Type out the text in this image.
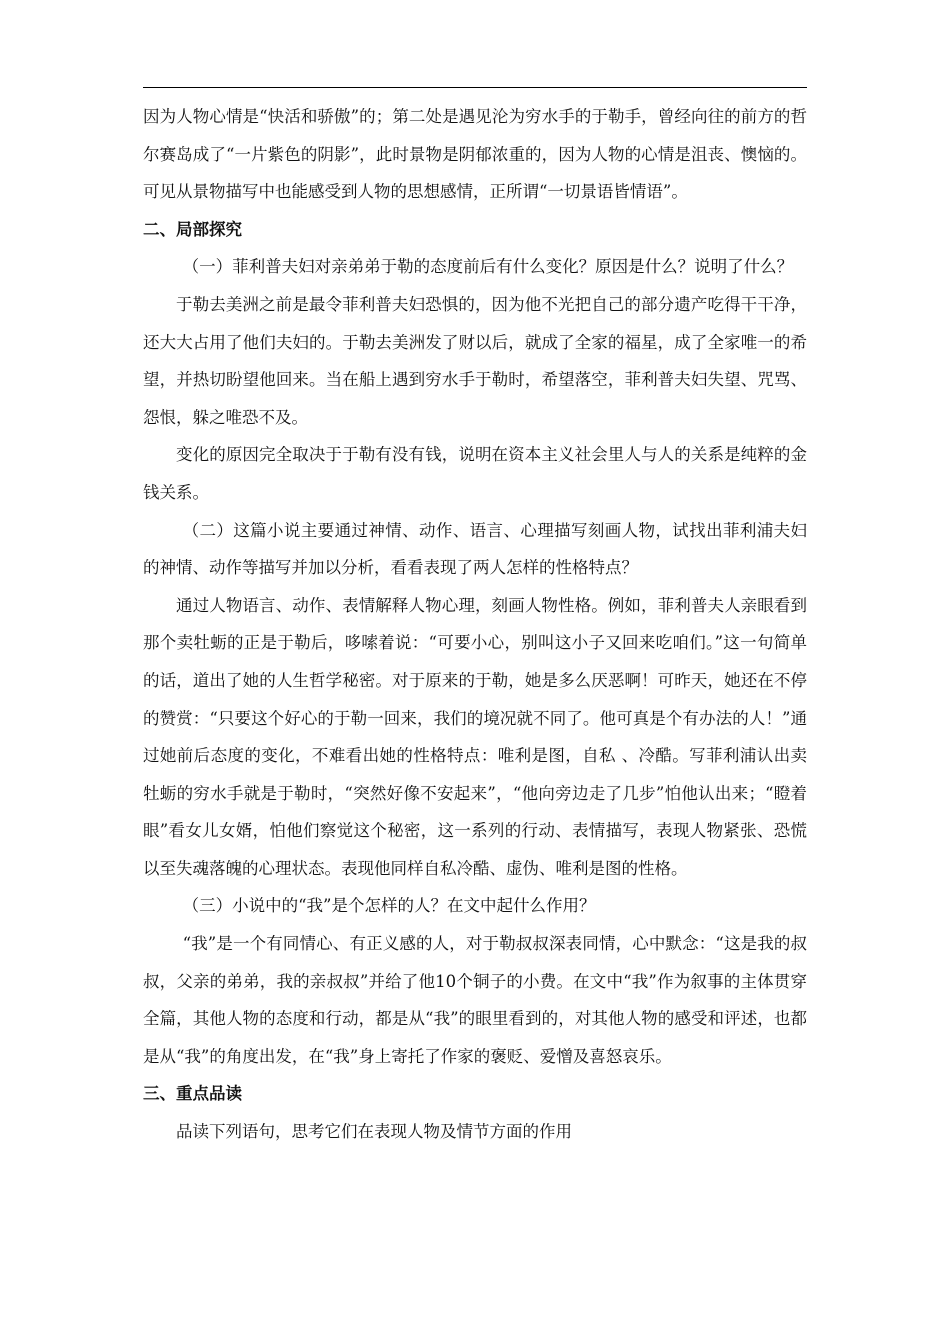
因为人物心情是“快活和骄傲”的；第二处是遇见沦为穷水手的于勒手，曾经向往的前方的哲尔赛岛成了“一片紫色的阴影”，此时景物是阴郁浓重的，因为人物的心情是沮丧、懊恼的。可见从景物描写中也能感受到人物的思想感情，正所谓“一切景语皆情语”。

二、局部探究

（一）菲利普夫妇对亲弟弟于勒的态度前后有什么变化？原因是什么？说明了什么？

于勒去美洲之前是最令菲利普夫妇恐惧的，因为他不光把自己的部分遗产吃得干干净，还大大占用了他们夫妇的。于勒去美洲发了财以后，就成了全家的福星，成了全家唯一的希望，并热切盼望他回来。当在船上遇到穷水手于勒时，希望落空，菲利普夫妇失望、咒骂、怨恨，躲之唯恐不及。

变化的原因完全取决于于勒有没有钱，说明在资本主义社会里人与人的关系是纯粹的金钱关系。

（二）这篇小说主要通过神情、动作、语言、心理描写刻画人物，试找出菲利浦夫妇的神情、动作等描写并加以分析，看看表现了两人怎样的性格特点？

通过人物语言、动作、表情解释人物心理，刻画人物性格。例如，菲利普夫人亲眼看到那个卖牡蛎的正是于勒后，哆嗦着说：“可要小心，别叫这小子又回来吃咱们。”这一句简单的话，道出了她的人生哲学秘密。对于原来的于勒，她是多么厌恶啊！可昨天，她还在不停的赞赏：“只要这个好心的于勒一回来，我们的境况就不同了。他可真是个有办法的人！”通过她前后态度的变化，不难看出她的性格特点：唯利是图，自私 、冷酷。写菲利浦认出卖牡蛎的穷水手就是于勒时，“突然好像不安起来”，“他向旁边走了几步”怕他认出来；“瞪着眼”看女儿女婿，怕他们察觉这个秘密，这一系列的行动、表情描写，表现人物紧张、恐慌以至失魂落魄的心理状态。表现他同样自私冷酷、虚伪、唯利是图的性格。

（三）小说中的“我”是个怎样的人？在文中起什么作用？

“我”是一个有同情心、有正义感的人，对于勒叔叔深表同情，心中默念：“这是我的叔叔，父亲的弟弟，我的亲叔叔”并给了他10个铜子的小费。在文中“我”作为叙事的主体贯穿全篇，其他人物的态度和行动，都是从“我”的眼里看到的，对其他人物的感受和评述，也都是从“我”的角度出发，在“我”身上寄托了作家的褒贬、爱憎及喜怒哀乐。

三、重点品读

品读下列语句，思考它们在表现人物及情节方面的作用
